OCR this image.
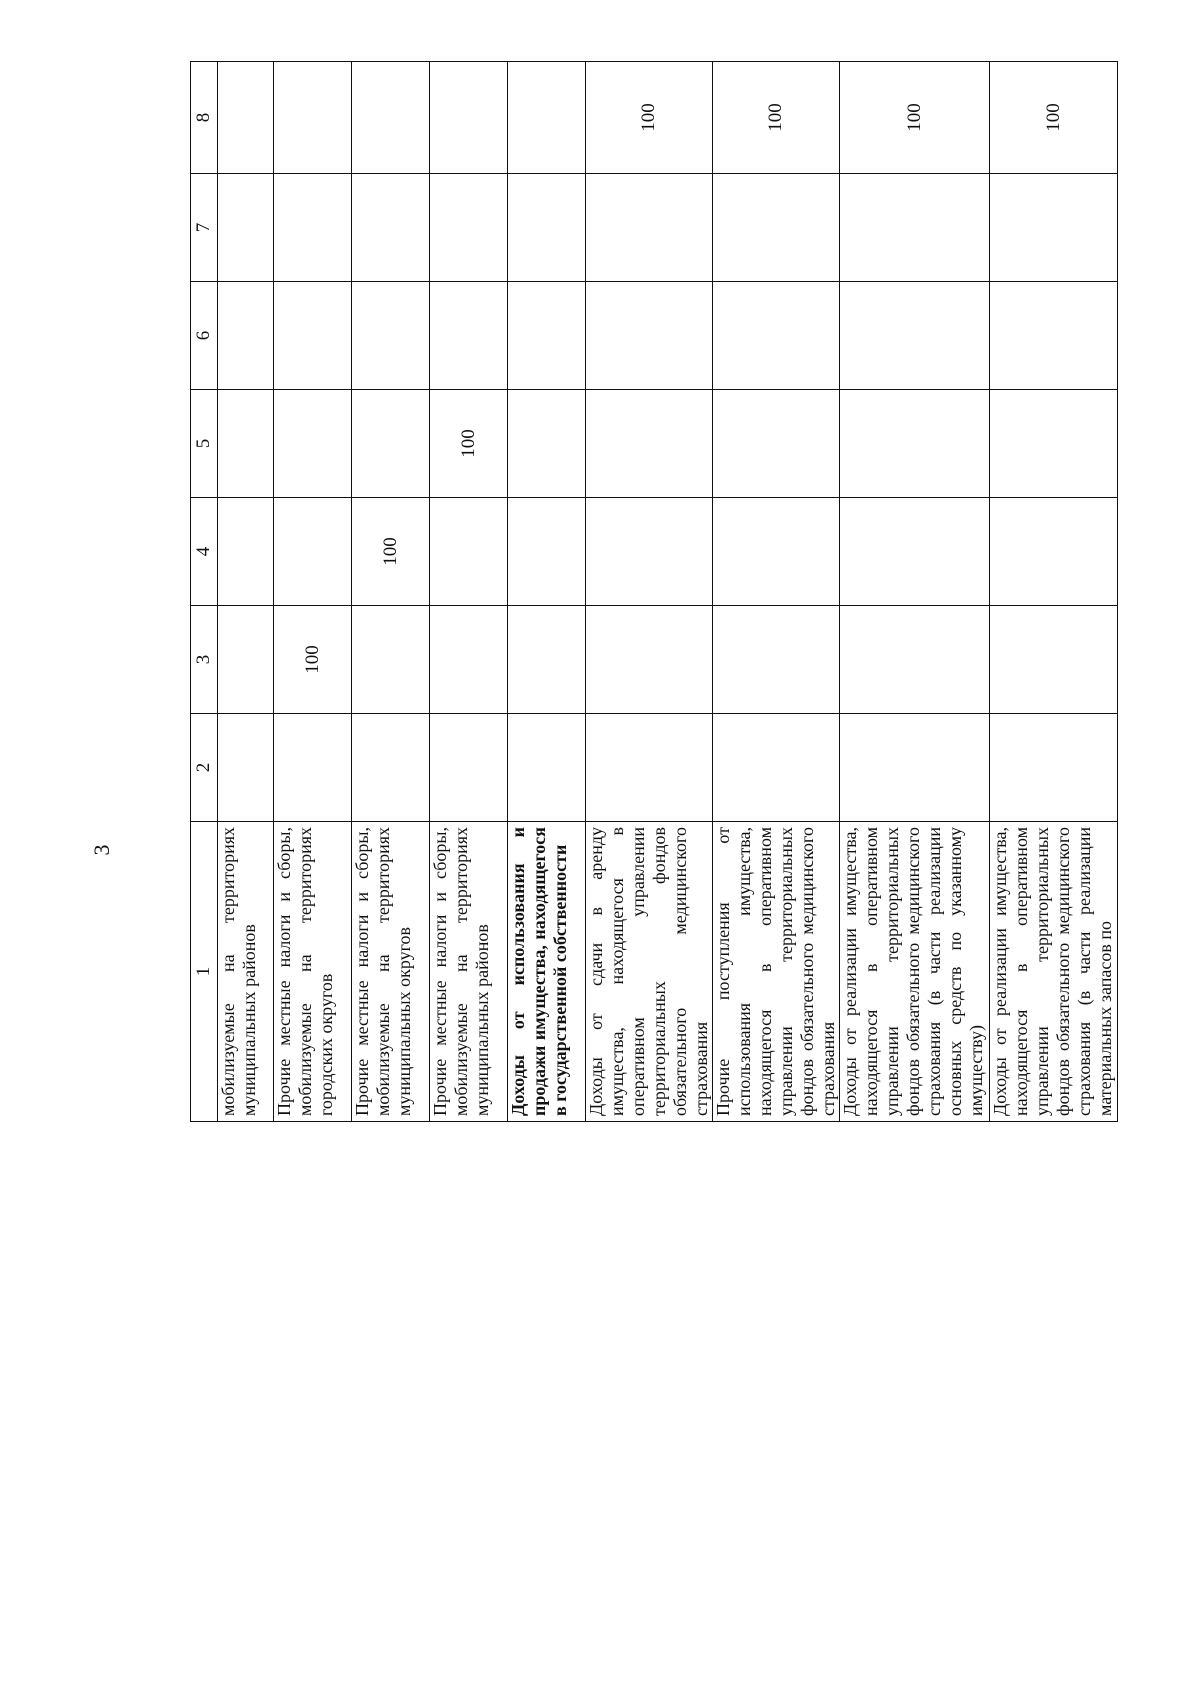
3
1	2	3	4	5	6	7	8
мобилизуемые на территориях муниципальных районов							
Прочие местные налоги и сборы, мобилизуемые на территориях городских округов		100					
Прочие местные налоги и сборы, мобилизуемые на территориях муниципальных округов			100				
Прочие местные налоги и сборы, мобилизуемые на территориях муниципальных районов				100			
Доходы от использования и продажи имущества, находящегося в государственной собственности							
Доходы от сдачи в аренду имущества, находящегося в оперативном управлении территориальных фондов обязательного медицинского страхования							100
Прочие поступления от использования имущества, находящегося в оперативном управлении территориальных фондов обязательного медицинского страхования							100
Доходы от реализации имущества, находящегося в оперативном управлении территориальных фондов обязательного медицинского страхования (в части реализации основных средств по указанному имуществу)							100
Доходы от реализации имущества, находящегося в оперативном управлении территориальных фондов обязательного медицинского страхования (в части реализации материальных запасов по							100
